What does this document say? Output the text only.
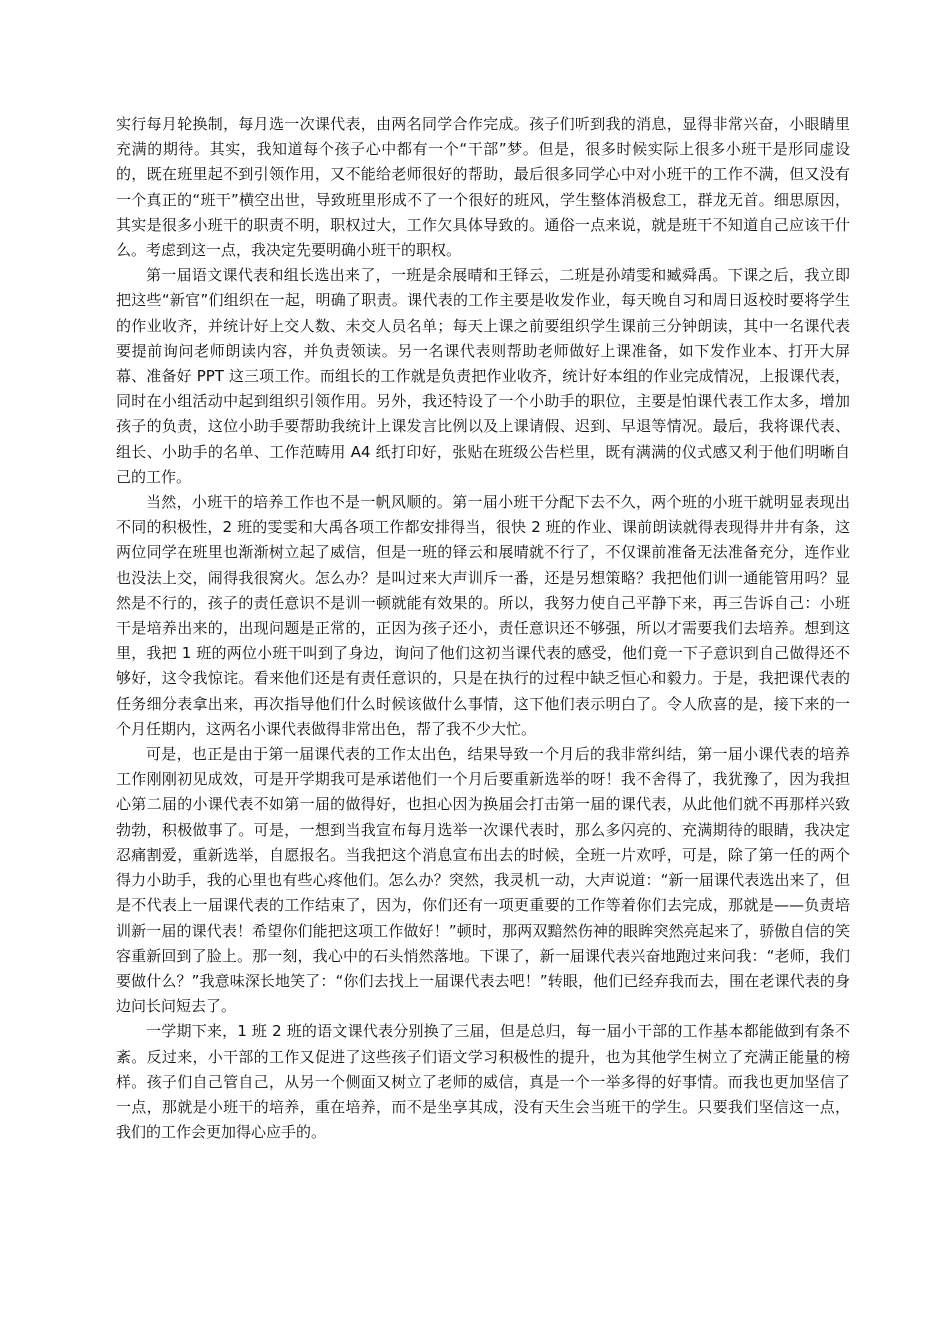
实行每月轮换制，每月选一次课代表，由两名同学合作完成。孩子们听到我的消息，显得非常兴奋，小眼睛里充满的期待。其实，我知道每个孩子心中都有一个“干部”梦。但是，很多时候实际上很多小班干是形同虚设的，既在班里起不到引领作用，又不能给老师很好的帮助，最后很多同学心中对小班干的工作不满，但又没有一个真正的“班干”横空出世，导致班里形成不了一个很好的班风，学生整体消极怠工，群龙无首。细思原因，其实是很多小班干的职责不明，职权过大，工作欠具体导致的。通俗一点来说，就是班干不知道自己应该干什么。考虑到这一点，我决定先要明确小班干的职权。

第一届语文课代表和组长选出来了，一班是余展晴和王铎云，二班是孙靖雯和臧舜禹。下课之后，我立即把这些“新官”们组织在一起，明确了职责。课代表的工作主要是收发作业，每天晚自习和周日返校时要将学生的作业收齐，并统计好上交人数、未交人员名单；每天上课之前要组织学生课前三分钟朗读，其中一名课代表要提前询问老师朗读内容，并负责领读。另一名课代表则帮助老师做好上课准备，如下发作业本、打开大屏幕、准备好 PPT 这三项工作。而组长的工作就是负责把作业收齐，统计好本组的作业完成情况，上报课代表，同时在小组活动中起到组织引领作用。另外，我还特设了一个小助手的职位，主要是怕课代表工作太多，增加孩子的负责，这位小助手要帮助我统计上课发言比例以及上课请假、迟到、早退等情况。最后，我将课代表、组长、小助手的名单、工作范畴用 A4 纸打印好，张贴在班级公告栏里，既有满满的仪式感又利于他们明晰自己的工作。

当然，小班干的培养工作也不是一帆风顺的。第一届小班干分配下去不久，两个班的小班干就明显表现出不同的积极性，2 班的雯雯和大禹各项工作都安排得当，很快 2 班的作业、课前朗读就得表现得井井有条，这两位同学在班里也渐渐树立起了威信，但是一班的铎云和展晴就不行了，不仅课前准备无法准备充分，连作业也没法上交，闹得我很窝火。怎么办？是叫过来大声训斥一番，还是另想策略？我把他们训一通能管用吗？显然是不行的，孩子的责任意识不是训一顿就能有效果的。所以，我努力使自己平静下来，再三告诉自己：小班干是培养出来的，出现问题是正常的，正因为孩子还小，责任意识还不够强，所以才需要我们去培养。想到这里，我把 1 班的两位小班干叫到了身边，询问了他们这初当课代表的感受，他们竟一下子意识到自己做得还不够好，这令我惊诧。看来他们还是有责任意识的，只是在执行的过程中缺乏恒心和毅力。于是，我把课代表的任务细分表拿出来，再次指导他们什么时候该做什么事情，这下他们表示明白了。令人欣喜的是，接下来的一个月任期内，这两名小课代表做得非常出色，帮了我不少大忙。

可是，也正是由于第一届课代表的工作太出色，结果导致一个月后的我非常纠结，第一届小课代表的培养工作刚刚初见成效，可是开学期我可是承诺他们一个月后要重新选举的呀！我不舍得了，我犹豫了，因为我担心第二届的小课代表不如第一届的做得好，也担心因为换届会打击第一届的课代表，从此他们就不再那样兴致勃勃，积极做事了。可是，一想到当我宣布每月选举一次课代表时，那么多闪亮的、充满期待的眼睛，我决定忍痛割爱，重新选举，自愿报名。当我把这个消息宣布出去的时候，全班一片欢呼，可是，除了第一任的两个得力小助手，我的心里也有些心疼他们。怎么办？突然，我灵机一动，大声说道：“新一届课代表选出来了，但是不代表上一届课代表的工作结束了，因为，你们还有一项更重要的工作等着你们去完成，那就是——负责培训新一届的课代表！希望你们能把这项工作做好！”顿时，那两双黯然伤神的眼眸突然亮起来了，骄傲自信的笑容重新回到了脸上。那一刻，我心中的石头悄然落地。下课了，新一届课代表兴奋地跑过来问我：“老师，我们要做什么？”我意味深长地笑了：“你们去找上一届课代表去吧！”转眼，他们已经弃我而去，围在老课代表的身边问长问短去了。

一学期下来，1 班 2 班的语文课代表分别换了三届，但是总归，每一届小干部的工作基本都能做到有条不紊。反过来，小干部的工作又促进了这些孩子们语文学习积极性的提升，也为其他学生树立了充满正能量的榜样。孩子们自己管自己，从另一个侧面又树立了老师的威信，真是一个一举多得的好事情。而我也更加坚信了一点，那就是小班干的培养，重在培养，而不是坐享其成，没有天生会当班干的学生。只要我们坚信这一点，我们的工作会更加得心应手的。
